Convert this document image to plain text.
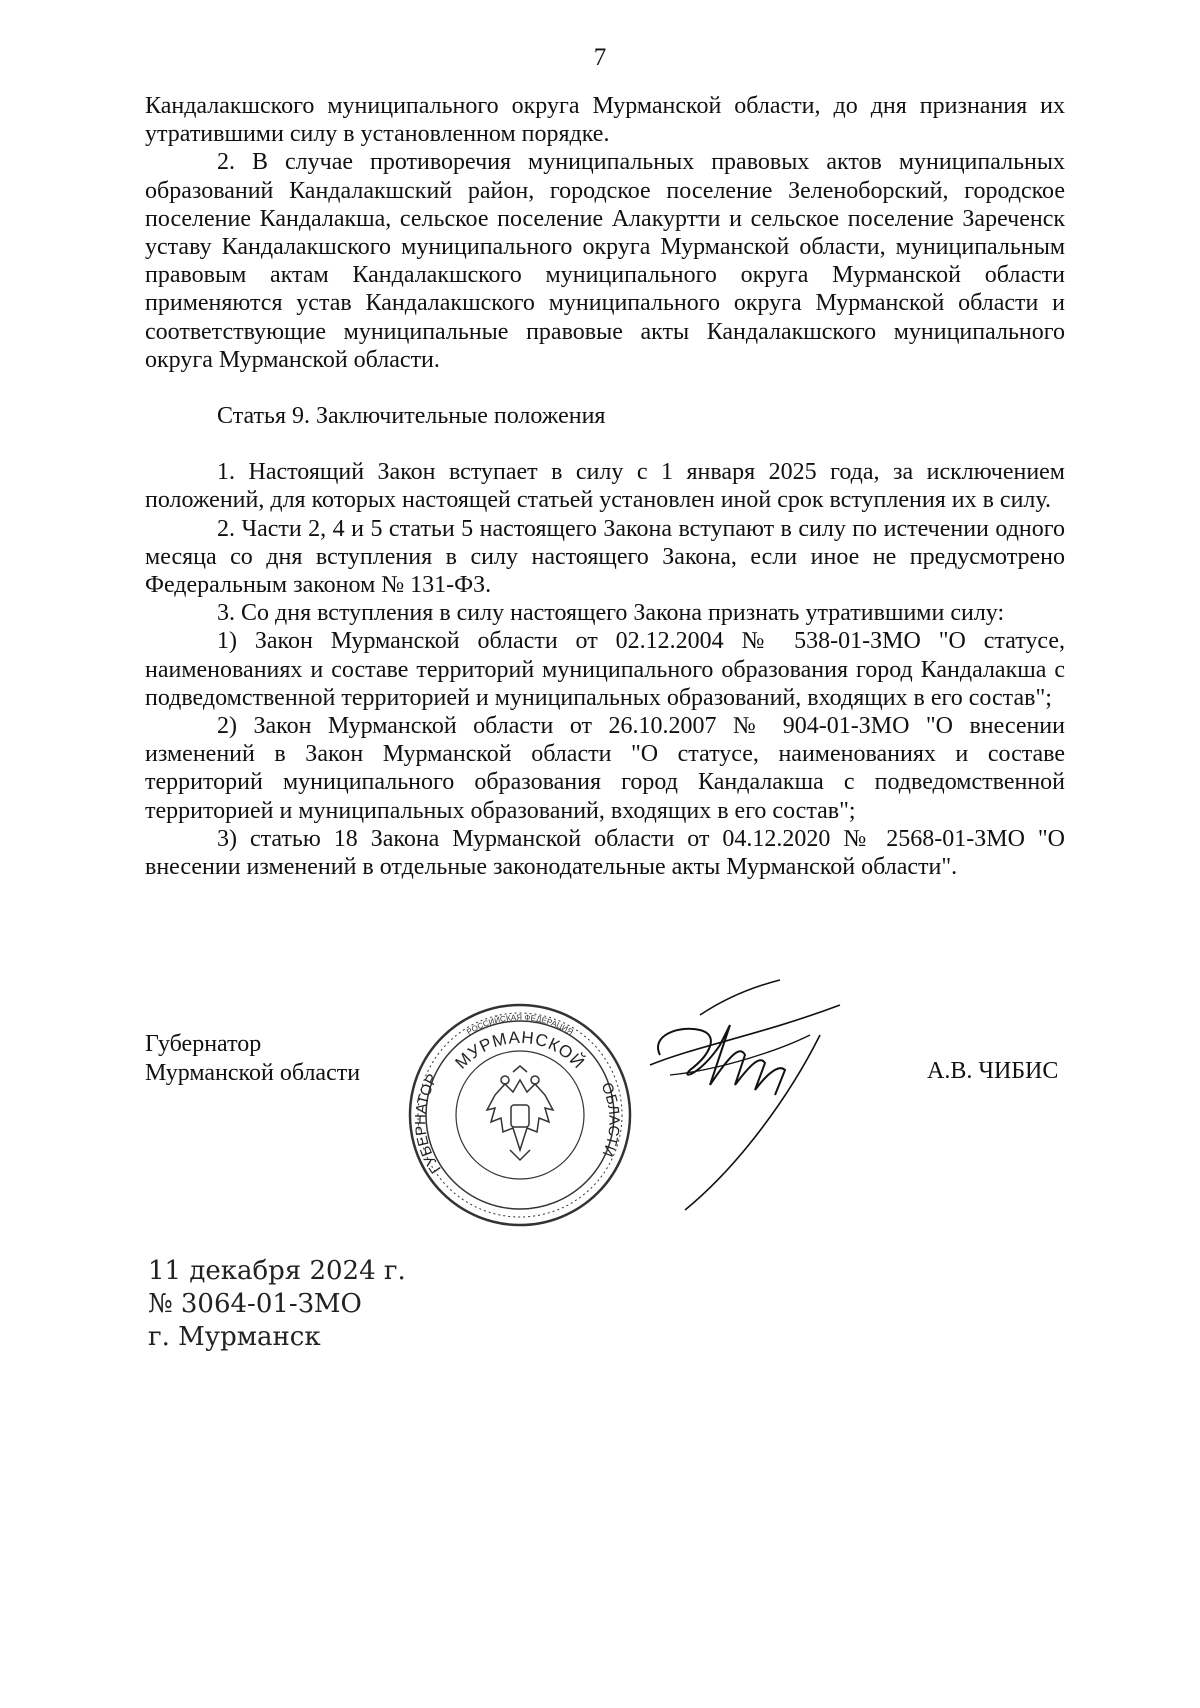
7

Кандалакшского муниципального округа Мурманской области, до дня признания их утратившими силу в установленном порядке.

2. В случае противоречия муниципальных правовых актов муниципальных образований Кандалакшский район, городское поселение Зеленоборский, городское поселение Кандалакша, сельское поселение Алакуртти и сельское поселение Зареченск уставу Кандалакшского муниципального округа Мурманской области, муниципальным правовым актам Кандалакшского муниципального округа Мурманской области применяются устав Кандалакшского муниципального округа Мурманской области и соответствующие муниципальные правовые акты Кандалакшского муниципального округа Мурманской области.

Статья 9. Заключительные положения

1. Настоящий Закон вступает в силу с 1 января 2025 года, за исключением положений, для которых настоящей статьей установлен иной срок вступления их в силу.

2. Части 2, 4 и 5 статьи 5 настоящего Закона вступают в силу по истечении одного месяца со дня вступления в силу настоящего Закона, если иное не предусмотрено Федеральным законом № 131-ФЗ.

3. Со дня вступления в силу настоящего Закона признать утратившими силу:

1) Закон Мурманской области от 02.12.2004 № 538-01-ЗМО "О статусе, наименованиях и составе территорий муниципального образования город Кандалакша с подведомственной территорией и муниципальных образований, входящих в его состав";

2) Закон Мурманской области от 26.10.2007 № 904-01-ЗМО "О внесении изменений в Закон Мурманской области "О статусе, наименованиях и составе территорий муниципального образования город Кандалакша с подведомственной территорией и муниципальных образований, входящих в его состав";

3) статью 18 Закона Мурманской области от 04.12.2020 № 2568-01-ЗМО "О внесении изменений в отдельные законодательные акты Мурманской области".

Губернатор
Мурманской области
РОССИЙСКАЯ ФЕДЕРАЦИЯ
МУРМАНСКОЙ
ГУБЕРНАТОР
ОБЛАСТИ
А.В. ЧИБИС
11 декабря 2024 г.
№ 3064-01-ЗМО
г. Мурманск
